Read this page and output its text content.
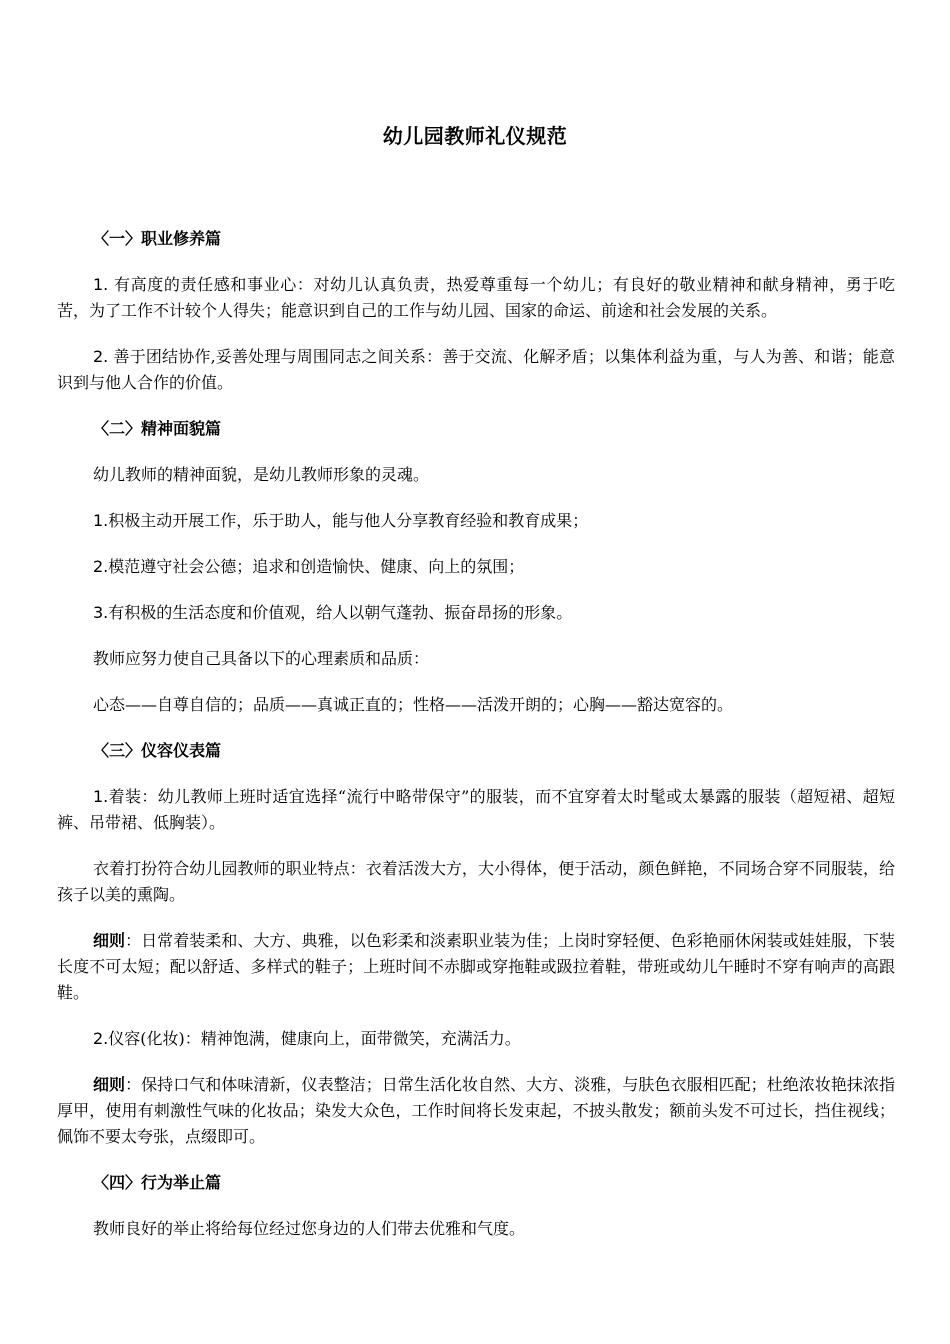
幼儿园教师礼仪规范
〈一〉职业修养篇

1. 有高度的责任感和事业心：对幼儿认真负责，热爱尊重每一个幼儿；有良好的敬业精神和献身精神，勇于吃苦，为了工作不计较个人得失；能意识到自己的工作与幼儿园、国家的命运、前途和社会发展的关系。

2. 善于团结协作,妥善处理与周围同志之间关系：善于交流、化解矛盾；以集体利益为重，与人为善、和谐；能意识到与他人合作的价值。

〈二〉精神面貌篇

幼儿教师的精神面貌，是幼儿教师形象的灵魂。

1.积极主动开展工作，乐于助人，能与他人分享教育经验和教育成果；

2.模范遵守社会公德；追求和创造愉快、健康、向上的氛围；

3.有积极的生活态度和价值观，给人以朝气蓬勃、振奋昂扬的形象。

教师应努力使自己具备以下的心理素质和品质：

心态——自尊自信的；品质——真诚正直的；性格——活泼开朗的；心胸——豁达宽容的。

〈三〉仪容仪表篇

1.着装：幼儿教师上班时适宜选择“流行中略带保守”的服装，而不宜穿着太时髦或太暴露的服装（超短裙、超短裤、吊带裙、低胸装）。

衣着打扮符合幼儿园教师的职业特点：衣着活泼大方，大小得体，便于活动，颜色鲜艳，不同场合穿不同服装，给孩子以美的熏陶。

细则：日常着装柔和、大方、典雅，以色彩柔和淡素职业装为佳；上岗时穿轻便、色彩艳丽休闲装或娃娃服，下装长度不可太短；配以舒适、多样式的鞋子；上班时间不赤脚或穿拖鞋或趿拉着鞋，带班或幼儿午睡时不穿有响声的高跟鞋。

2.仪容(化妆)：精神饱满，健康向上，面带微笑，充满活力。

细则：保持口气和体味清新，仪表整洁；日常生活化妆自然、大方、淡雅，与肤色衣服相匹配；杜绝浓妆艳抹浓指厚甲，使用有刺激性气味的化妆品；染发大众色，工作时间将长发束起，不披头散发；额前头发不可过长，挡住视线；佩饰不要太夸张，点缀即可。

〈四〉行为举止篇

教师良好的举止将给每位经过您身边的人们带去优雅和气度。
